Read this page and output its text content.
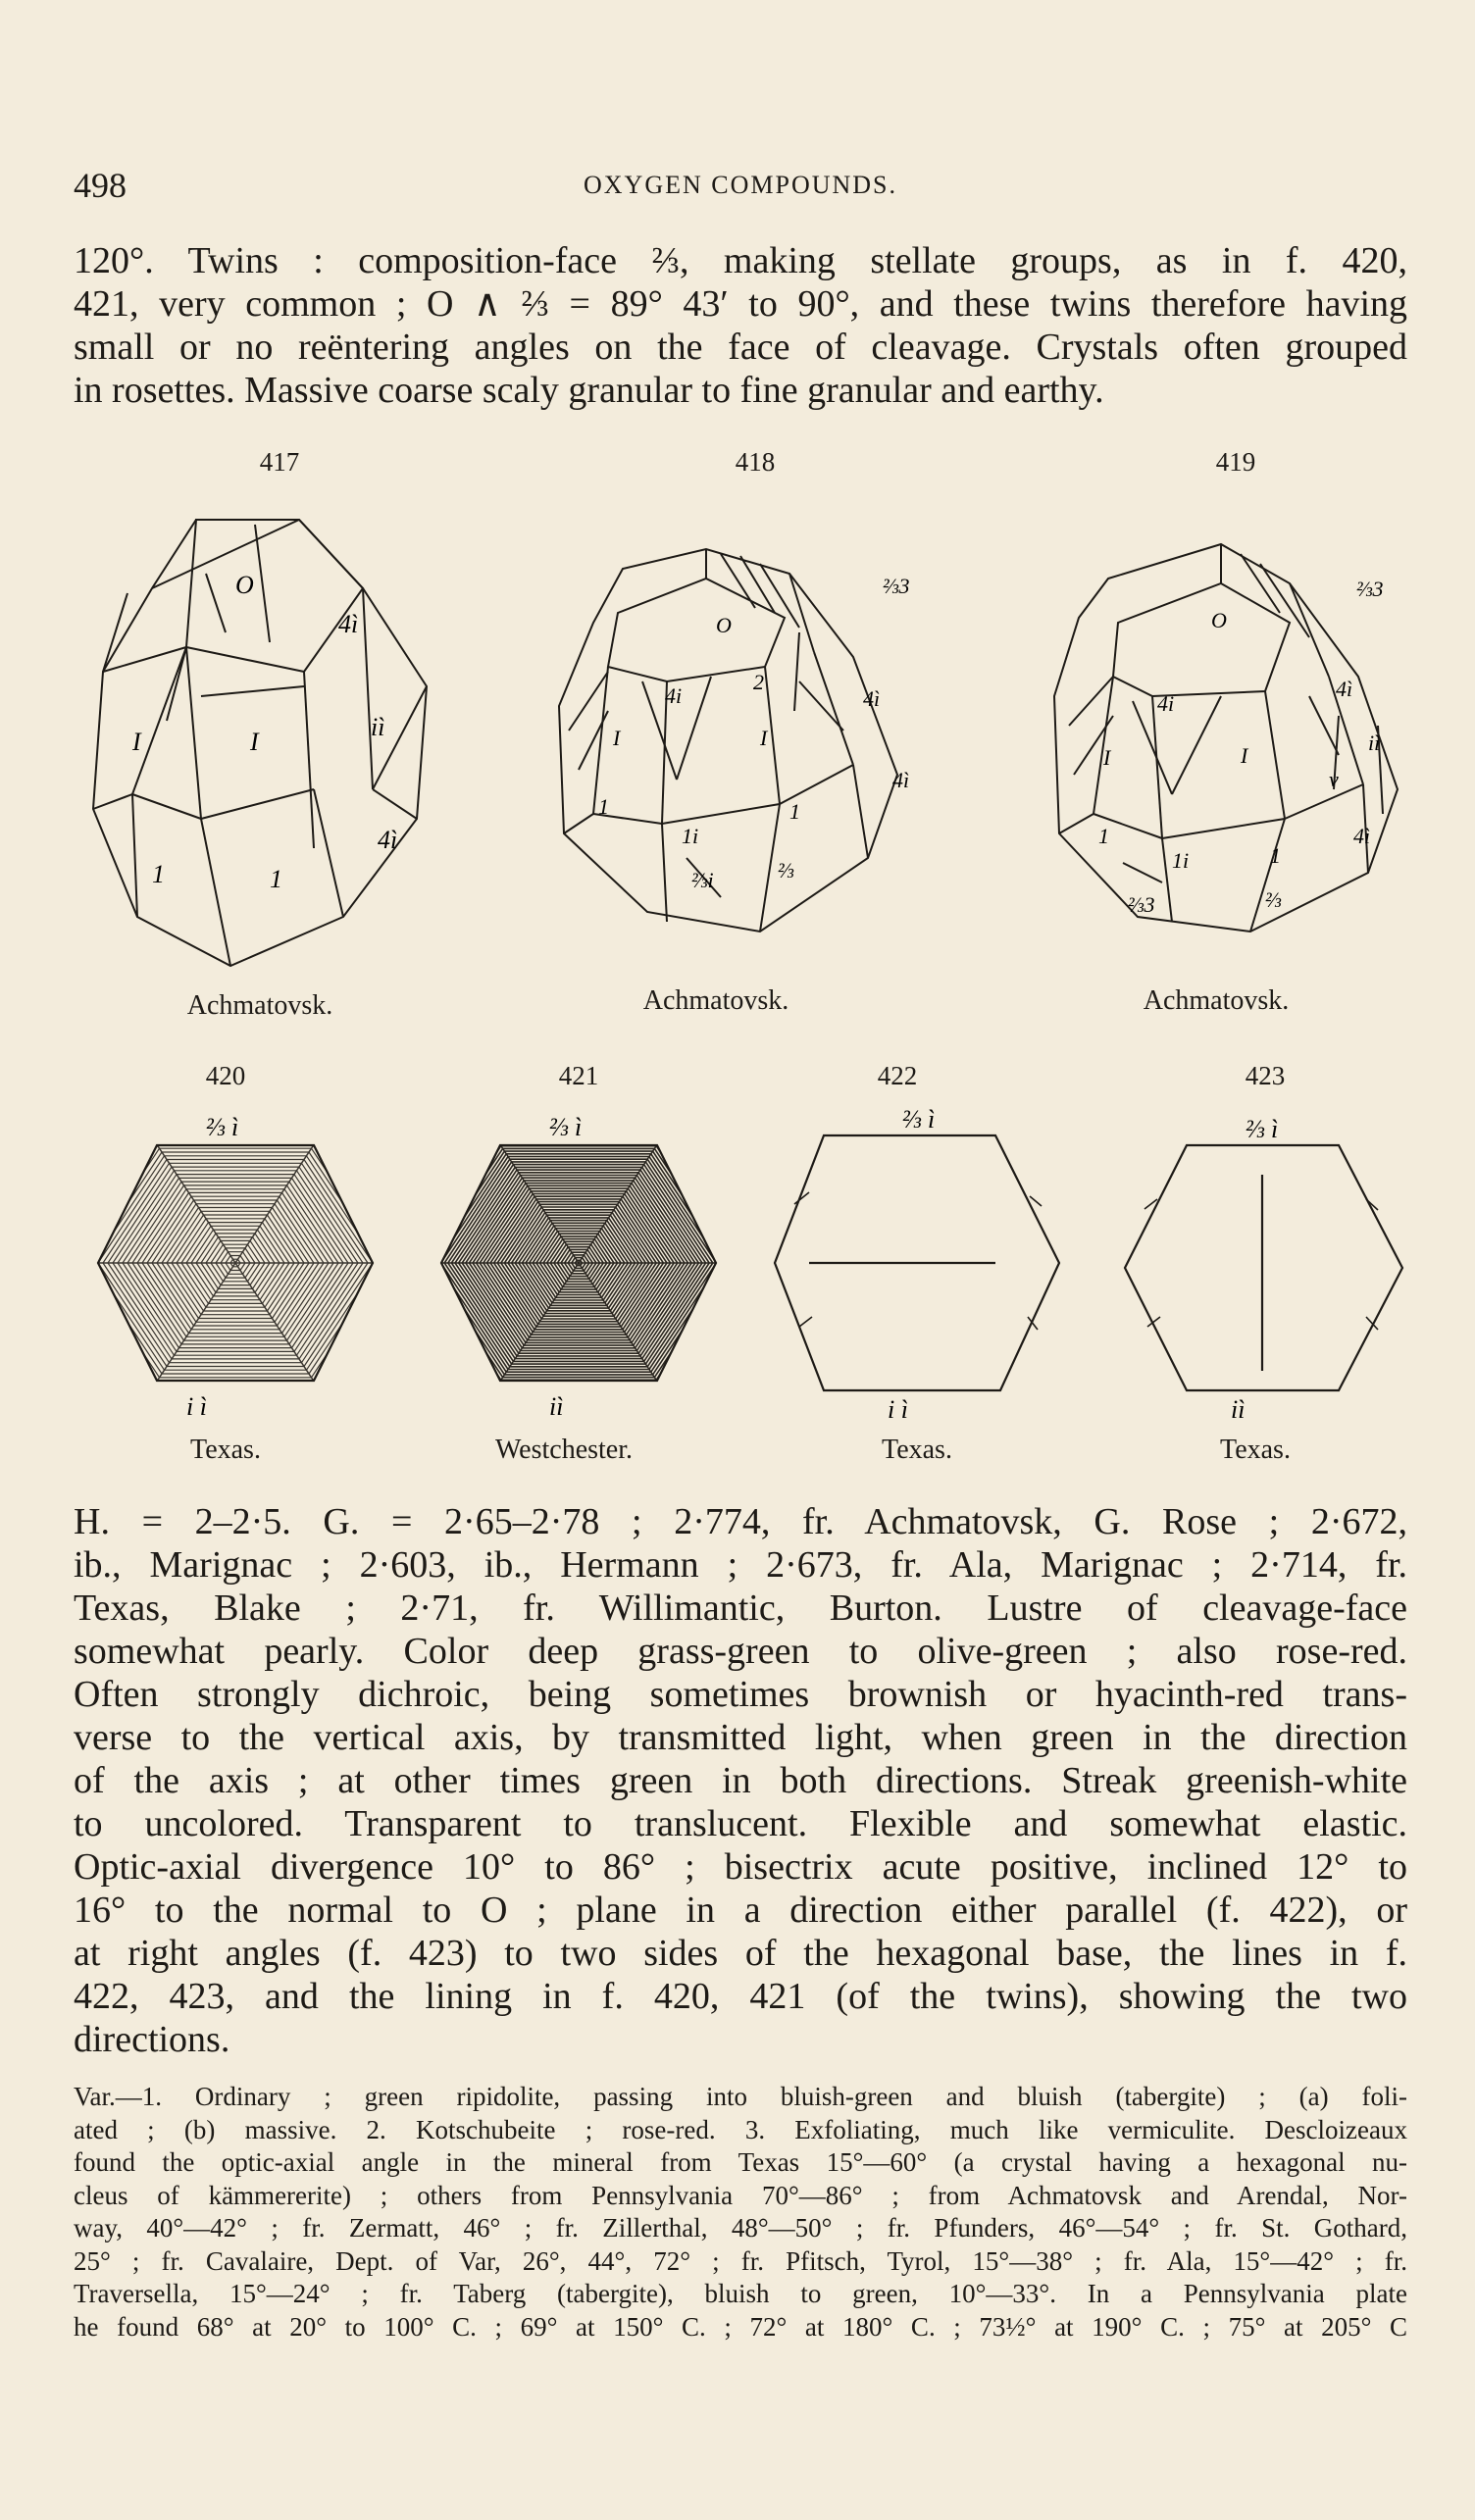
498	OXYGEN COMPOUNDS.
120°. Twins : composition-face ⅔, making stellate groups, as in f. 420,
421, very common ; O ∧ ⅔ = 89° 43′ to 90°, and these twins therefore having
small or no reëntering angles on the face of cleavage. Crystals often grouped
in rosettes. Massive coarse scaly granular to fine granular and earthy.
417
O
4ì
I	I
iì
1	1
4ì
Achmatovsk.
418
O
⅔3
4i
2
4ì
I	I
4ì
1	1
1i
⅔
⅔i
Achmatovsk.
419
O
⅔3
4i
4ì
I	I
iì
v
1
1i	1
⅔
⅔3
4ì
Achmatovsk.
420	421	422	423
⅔ ì
i ì
Texas.
⅔ ì
iì
Westchester.
⅔ ì
i ì
Texas.
⅔ ì
iì
Texas.
H. = 2–2·5. G. = 2·65–2·78 ; 2·774, fr. Achmatovsk, G. Rose ; 2·672,
ib., Marignac ; 2·603, ib., Hermann ; 2·673, fr. Ala, Marignac ; 2·714, fr.
Texas, Blake ; 2·71, fr. Willimantic, Burton. Lustre of cleavage-face
somewhat pearly. Color deep grass-green to olive-green ; also rose-red.
Often strongly dichroic, being sometimes brownish or hyacinth-red trans-
verse to the vertical axis, by transmitted light, when green in the direction
of the axis ; at other times green in both directions. Streak greenish-white
to uncolored. Transparent to translucent. Flexible and somewhat elastic.
Optic-axial divergence 10° to 86° ; bisectrix acute positive, inclined 12° to
16° to the normal to O ; plane in a direction either parallel (f. 422), or
at right angles (f. 423) to two sides of the hexagonal base, the lines in f.
422, 423, and the lining in f. 420, 421 (of the twins), showing the two
directions.
Var.—1. Ordinary ; green ripidolite, passing into bluish-green and bluish (tabergite) ; (a) foli-
ated ; (b) massive. 2. Kotschubeite ; rose-red. 3. Exfoliating, much like vermiculite. Descloizeaux
found the optic-axial angle in the mineral from Texas 15°—60° (a crystal having a hexagonal nu-
cleus of kämmererite) ; others from Pennsylvania 70°—86° ; from Achmatovsk and Arendal, Nor-
way, 40°—42° ; fr. Zermatt, 46° ; fr. Zillerthal, 48°—50° ; fr. Pfunders, 46°—54° ; fr. St. Gothard,
25° ; fr. Cavalaire, Dept. of Var, 26°, 44°, 72° ; fr. Pfitsch, Tyrol, 15°—38° ; fr. Ala, 15°—42° ; fr.
Traversella, 15°—24° ; fr. Taberg (tabergite), bluish to green, 10°—33°. In a Pennsylvania plate
he found 68° at 20° to 100° C. ; 69° at 150° C. ; 72° at 180° C. ; 73½° at 190° C. ; 75° at 205° C
